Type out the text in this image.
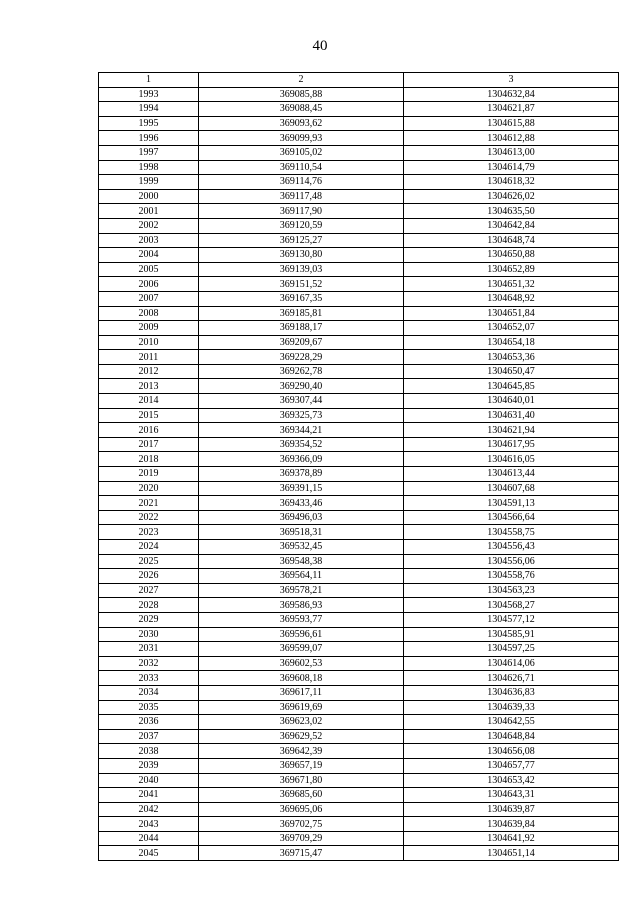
40
1	2	3
1993	369085,88	1304632,84
1994	369088,45	1304621,87
1995	369093,62	1304615,88
1996	369099,93	1304612,88
1997	369105,02	1304613,00
1998	369110,54	1304614,79
1999	369114,76	1304618,32
2000	369117,48	1304626,02
2001	369117,90	1304635,50
2002	369120,59	1304642,84
2003	369125,27	1304648,74
2004	369130,80	1304650,88
2005	369139,03	1304652,89
2006	369151,52	1304651,32
2007	369167,35	1304648,92
2008	369185,81	1304651,84
2009	369188,17	1304652,07
2010	369209,67	1304654,18
2011	369228,29	1304653,36
2012	369262,78	1304650,47
2013	369290,40	1304645,85
2014	369307,44	1304640,01
2015	369325,73	1304631,40
2016	369344,21	1304621,94
2017	369354,52	1304617,95
2018	369366,09	1304616,05
2019	369378,89	1304613,44
2020	369391,15	1304607,68
2021	369433,46	1304591,13
2022	369496,03	1304566,64
2023	369518,31	1304558,75
2024	369532,45	1304556,43
2025	369548,38	1304556,06
2026	369564,11	1304558,76
2027	369578,21	1304563,23
2028	369586,93	1304568,27
2029	369593,77	1304577,12
2030	369596,61	1304585,91
2031	369599,07	1304597,25
2032	369602,53	1304614,06
2033	369608,18	1304626,71
2034	369617,11	1304636,83
2035	369619,69	1304639,33
2036	369623,02	1304642,55
2037	369629,52	1304648,84
2038	369642,39	1304656,08
2039	369657,19	1304657,77
2040	369671,80	1304653,42
2041	369685,60	1304643,31
2042	369695,06	1304639,87
2043	369702,75	1304639,84
2044	369709,29	1304641,92
2045	369715,47	1304651,14
